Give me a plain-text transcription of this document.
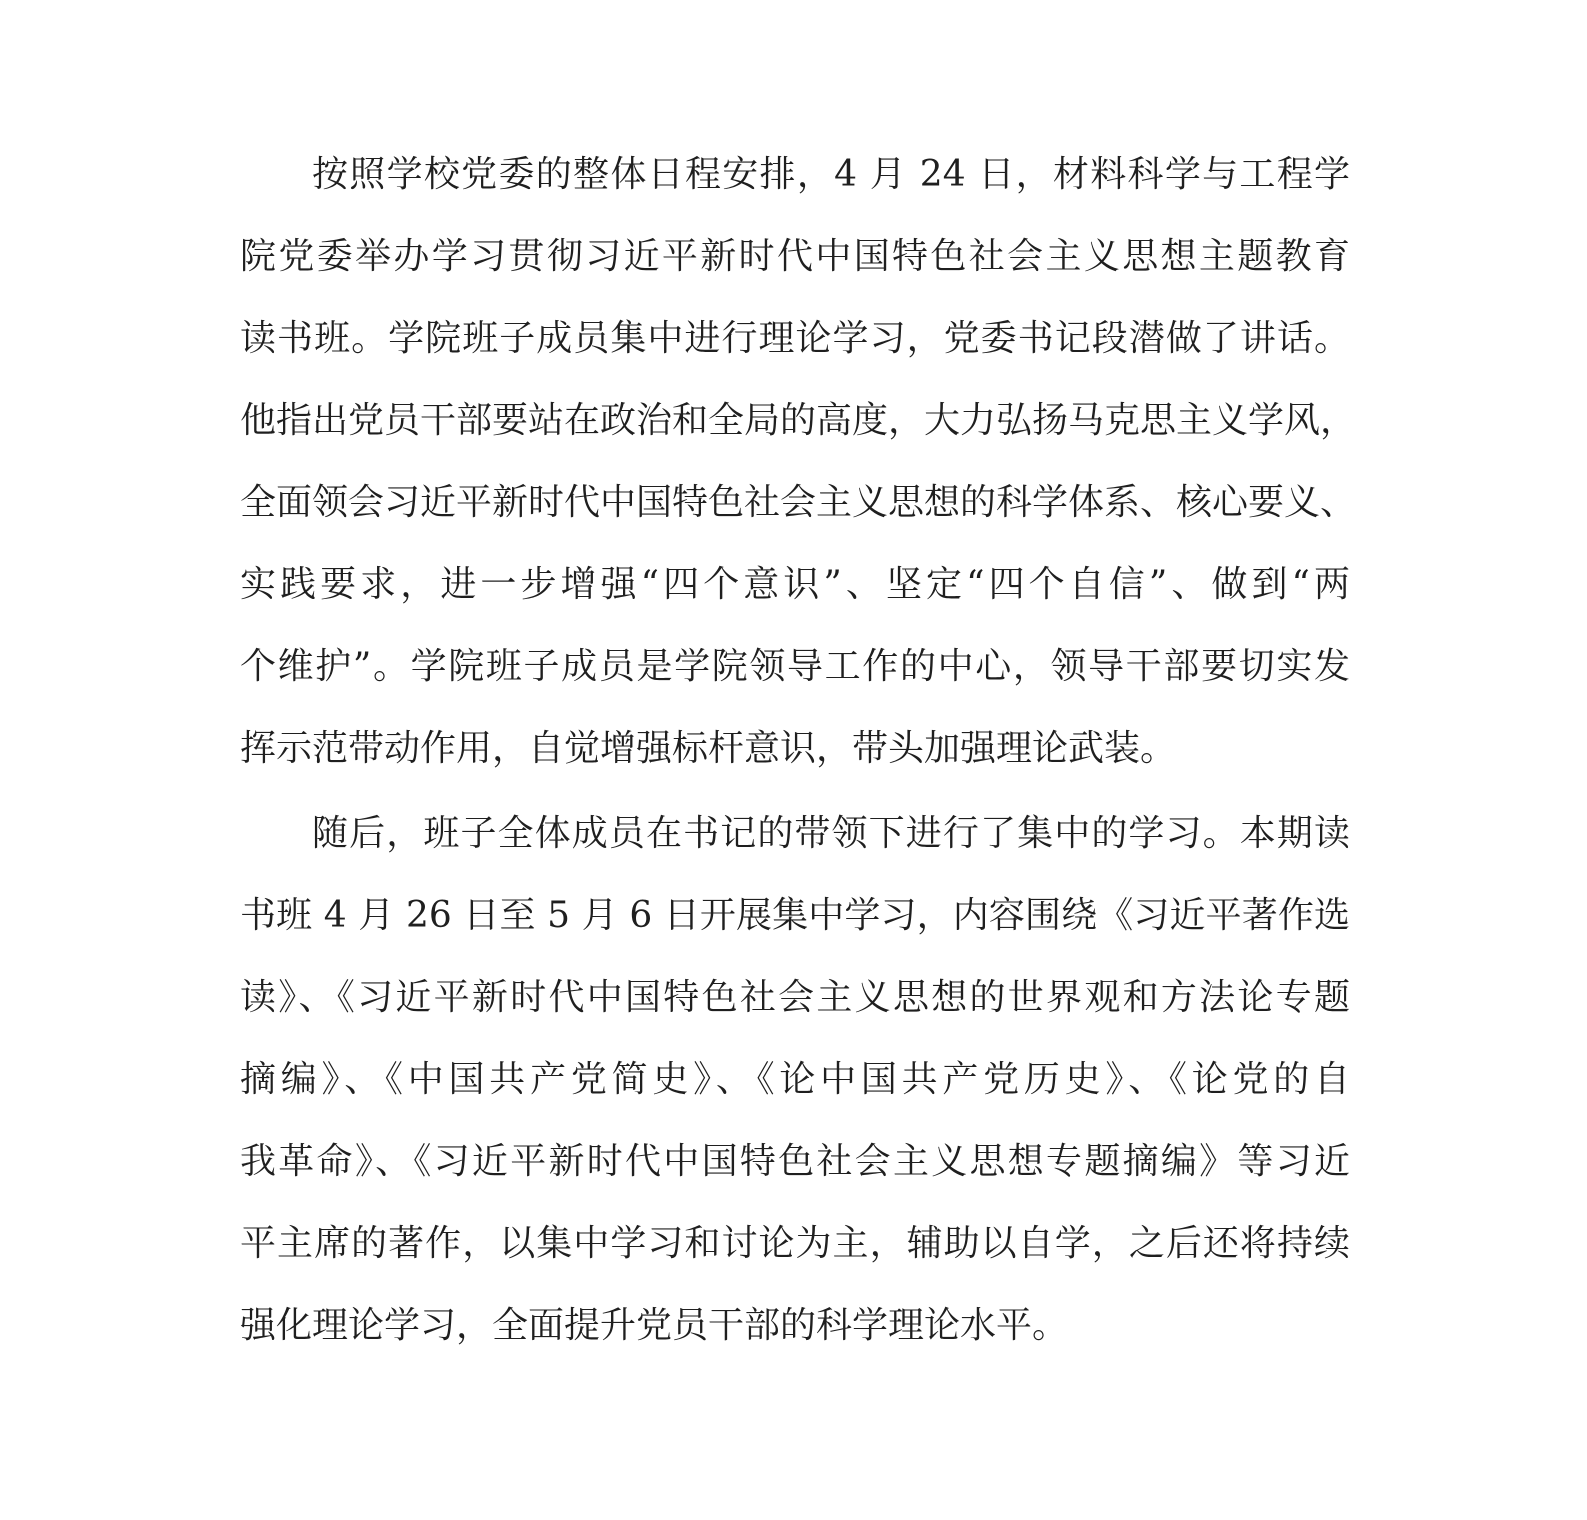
按照学校党委的整体日程安排，4 月 24 日，材料科学与工程学
院党委举办学习贯彻习近平新时代中国特色社会主义思想主题教育
读书班。学院班子成员集中进行理论学习，党委书记段潜做了讲话。
他指出党员干部要站在政治和全局的高度，大力弘扬马克思主义学风，
全面领会习近平新时代中国特色社会主义思想的科学体系、核心要义、
实践要求，进一步增强“四个意识”、坚定“四个自信”、做到“两
个维护”。学院班子成员是学院领导工作的中心，领导干部要切实发
挥示范带动作用，自觉增强标杆意识，带头加强理论武装。
随后，班子全体成员在书记的带领下进行了集中的学习。本期读
书班 4 月 26 日至 5 月 6 日开展集中学习，内容围绕《习近平著作选
读》、《习近平新时代中国特色社会主义思想的世界观和方法论专题
摘编》、《中国共产党简史》、《论中国共产党历史》、《论党的自
我革命》、《习近平新时代中国特色社会主义思想专题摘编》等习近
平主席的著作，以集中学习和讨论为主，辅助以自学，之后还将持续
强化理论学习，全面提升党员干部的科学理论水平。
